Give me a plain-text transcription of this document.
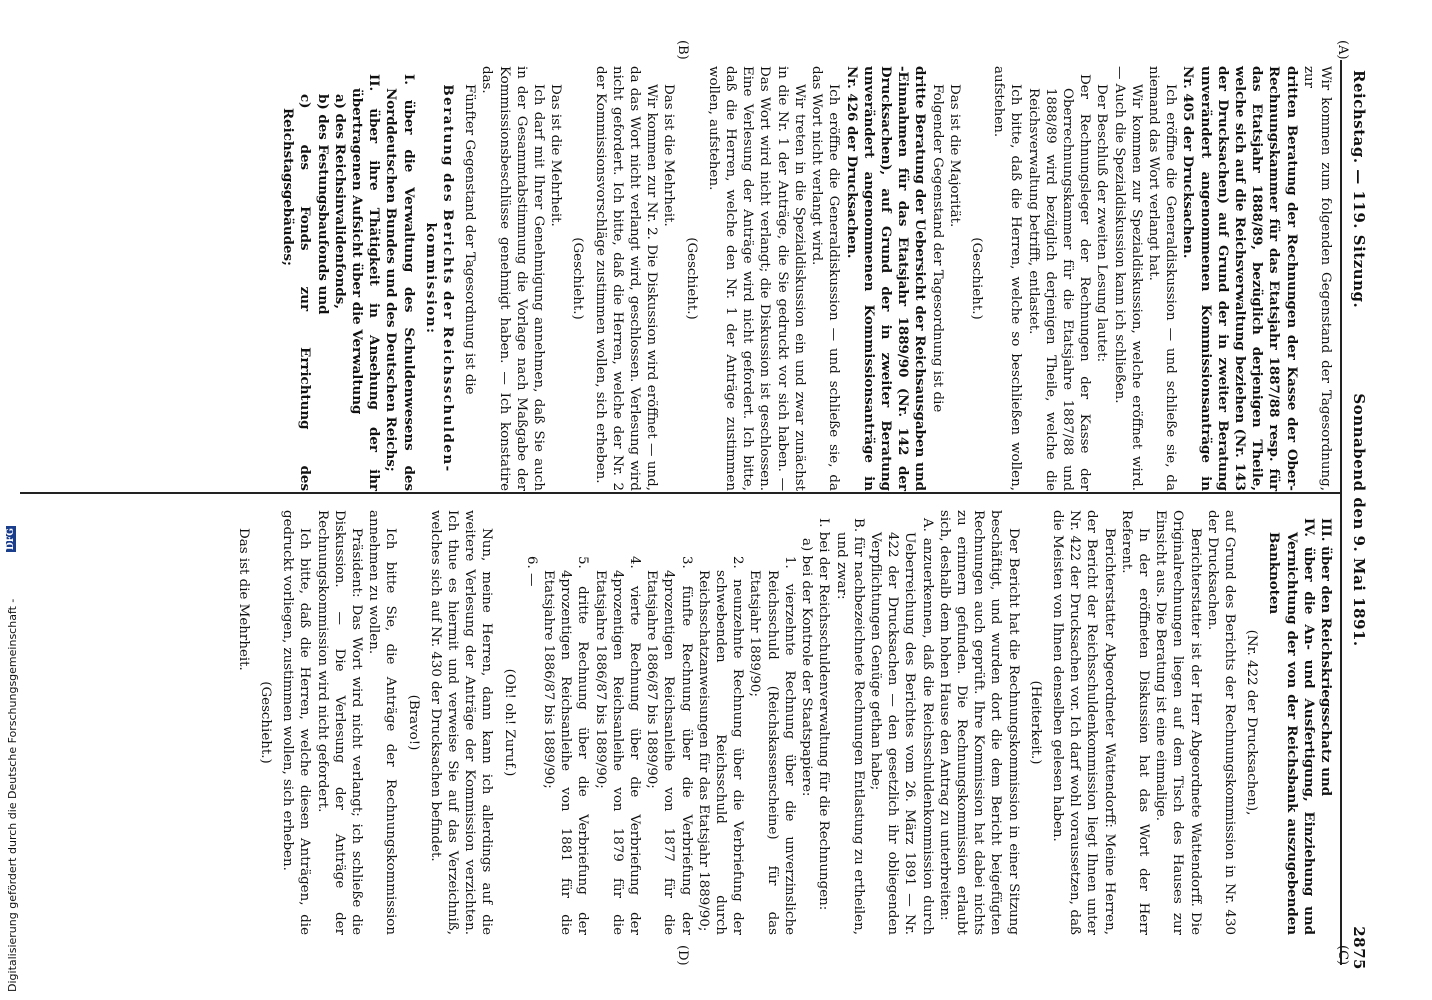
Reichstag. — 119. Sitzung.
Sonnabend den 9. Mai 1891.
2875
(A)
(B)
(C)
(D)

Wir kommen zum folgenden Gegenstand der Tagesordnung, zur

dritten Beratung der Rechnungen der Kasse der Ober-Rechnungskammer für das Etatsjahr 1887/88 resp. für das Etatsjahr 1888/89, bezüglich derjenigen Theile, welche sich auf die Reichsverwaltung beziehen (Nr. 143 der Drucksachen) auf Grund der in zweiter Beratung unverändert angenommenen Kommissionsanträge in Nr. 405 der Drucksachen.

Ich eröffne die Generaldiskussion — und schließe sie, da niemand das Wort verlangt hat.

Wir kommen zur Spezialdiskussion, welche eröffnet wird. — Auch die Spezialdiskussion kann ich schließen.

Der Beschluß der zweiten Lesung lautet:

Der Rechnungsleger der Rechnungen der Kasse der Oberrechnungskammer für die Etatsjahre 1887/88 und 1888/89 wird bezüglich derjenigen Theile, welche die Reichsverwaltung betrifft, entlastet.

Ich bitte, daß die Herren, welche so beschließen wollen, aufstehen.

(Geschieht.)

Das ist die Majorität.

Folgender Gegenstand der Tagesordnung ist die

dritte Beratung der Uebersicht der Reichsausgaben und -Einnahmen für das Etatsjahr 1889/90 (Nr. 142 der Drucksachen), auf Grund der in zweiter Beratung unverändert angenommenen Kommissionsanträge in Nr. 426 der Drucksachen.

Ich eröffne die Generaldiskussion — und schließe sie, da das Wort nicht verlangt wird.

Wir treten in die Spezialdiskussion ein und zwar zunächst in die Nr. 1 der Anträge, die Sie gedruckt vor sich haben. — Das Wort wird nicht verlangt; die Diskussion ist geschlossen. Eine Verlesung der Anträge wird nicht gefordert. Ich bitte, daß die Herren, welche den Nr. 1 der Anträge zustimmen wollen, aufstehen.

(Geschieht.)

Das ist die Mehrheit.

Wir kommen zur Nr. 2. Die Diskussion wird eröffnet — und, da das Wort nicht verlangt wird, geschlossen. Verlesung wird nicht gefordert. Ich bitte, daß die Herren, welche der Nr. 2 der Kommissionsvorschläge zustimmen wollen, sich erheben.

(Geschieht.)

Das ist die Mehrheit.

Ich darf mit Ihrer Genehmigung annehmen, daß Sie auch in der Gesammtabstimmung die Vorlage nach Maßgabe der Kommissionsbeschlüsse genehmigt haben. — Ich konstatire das.

Fünfter Gegenstand der Tagesordnung ist die

Beratung des Berichts der Reichsschulden-kommission:

I. über die Verwaltung des Schuldenwesens des Norddeutschen Bundes und des Deutschen Reichs;

II. über ihre Thätigkeit in Ansehung der ihr übertragenen Aufsicht über die Verwaltung

a) des Reichsinvalidenfonds,

b) des Festungsbaufonds und

c) des Fonds zur Errichtung des Reichstagsgebäudes;

III. über den Reichskriegsschatz und

IV. über die An- und Ausfertigung, Einziehung und Vernichtung der von der Reichsbank auszugebenden Banknoten

(Nr. 422 der Drucksachen),

auf Grund des Berichts der Rechnungskommission in Nr. 430 der Drucksachen.

Berichterstatter ist der Herr Abgeordnete Wattendorff. Die Originalrechnungen liegen auf dem Tisch des Hauses zur Einsicht aus. Die Beratung ist eine einmalige.

In der eröffneten Diskussion hat das Wort der Herr Referent.

Berichterstatter Abgeordneter Wattendorff: Meine Herren, der Bericht der Reichsschuldenkommission liegt Ihnen unter Nr. 422 der Drucksachen vor. Ich darf wohl voraussetzen, daß die Meisten von Ihnen denselben gelesen haben.

(Heiterkeit.)

Der Bericht hat die Rechnungskommission in einer Sitzung beschäftigt, und wurden dort die dem Bericht beigefügten Rechnungen auch geprüft. Ihre Kommission hat dabei nichts zu erinnern gefunden. Die Rechnungskommission erlaubt sich, deshalb dem hohen Hause den Antrag zu unterbreiten:

A. anzuerkennen, daß die Reichsschuldenkommission durch Ueberreichung des Berichtes vom 26. März 1891 — Nr. 422 der Drucksachen — den gesetzlich ihr obliegenden Verpflichtungen Genüge gethan habe;

B. für nachbezeichnete Rechnungen Entlastung zu ertheilen, und zwar:

I. bei der Reichsschuldenverwaltung für die Rechnungen:

a) bei der Kontrole der Staatspapiere:

1. vierzehnte Rechnung über die unverzinsliche Reichsschuld (Reichskassenscheine) für das Etatsjahr 1889/90;

2. neunzehnte Rechnung über die Verbriefung der schwebenden Reichsschuld durch Reichsschatzanweisungen für das Etatsjahr 1889/90;

3. fünfte Rechnung über die Verbriefung der 4prozentigen Reichsanleihe von 1877 für die Etatsjahre 1886/87 bis 1889/90;

4. vierte Rechnung über die Verbriefung der 4prozentigen Reichsanleihe von 1879 für die Etatsjahre 1886/87 bis 1889/90;

5. dritte Rechnung über die Verbriefung der 4prozentigen Reichsanleihe von 1881 für die Etatsjahre 1886/87 bis 1889/90;

6. —

(Oh! oh! Zuruf.)

Nun, meine Herren, dann kann ich allerdings auf die weitere Verlesung der Anträge der Kommission verzichten. Ich thue es hiermit und verweise Sie auf das Verzeichniß, welches sich auf Nr. 430 der Drucksachen befindet.

(Bravo!)

Ich bitte Sie, die Anträge der Rechnungskommission annehmen zu wollen.

Präsident: Das Wort wird nicht verlangt; ich schließe die Diskussion. — Die Verlesung der Anträge der Rechnungskommission wird nicht gefordert.

Ich bitte, daß die Herren, welche diesen Anträgen, die gedruckt vorliegen, zustimmen wollen, sich erheben.

(Geschieht.)

Das ist die Mehrheit.

Digitalisierung gefördert durch die Deutsche Forschungsgemeinschaft -
DFG
